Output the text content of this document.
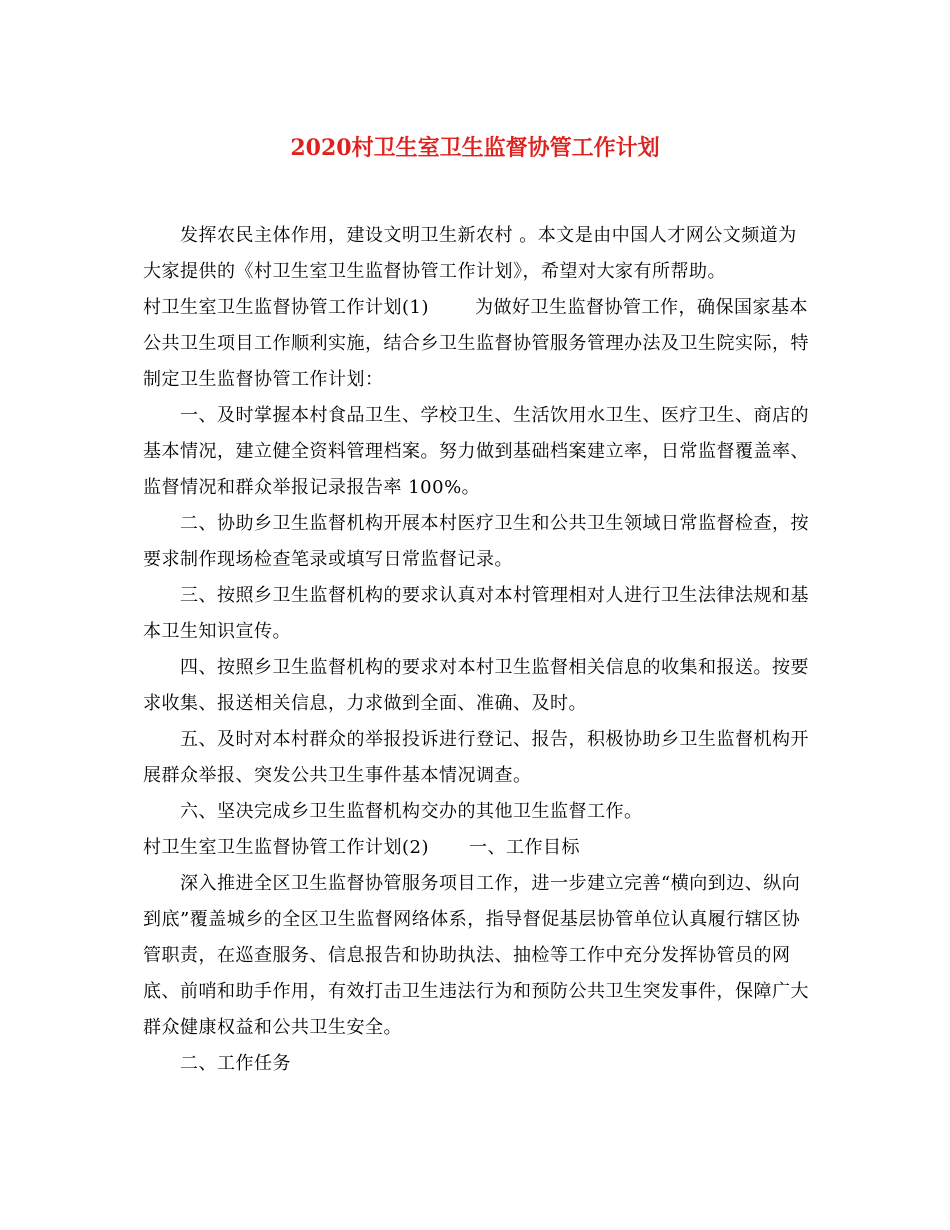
2020村卫生室卫生监督协管工作计划

发挥农民主体作用，建设文明卫生新农村 。本文是由中国人才网公文频道为大家提供的《村卫生室卫生监督协管工作计划》，希望对大家有所帮助。

村卫生室卫生监督协管工作计划(1)	为做好卫生监督协管工作，确保国家基本公共卫生项目工作顺利实施，结合乡卫生监督协管服务管理办法及卫生院实际，特制定卫生监督协管工作计划：

一、及时掌握本村食品卫生、学校卫生、生活饮用水卫生、医疗卫生、商店的基本情况，建立健全资料管理档案。努力做到基础档案建立率，日常监督覆盖率、监督情况和群众举报记录报告率 100%。

二、协助乡卫生监督机构开展本村医疗卫生和公共卫生领域日常监督检查，按要求制作现场检查笔录或填写日常监督记录。

三、按照乡卫生监督机构的要求认真对本村管理相对人进行卫生法律法规和基本卫生知识宣传。

四、按照乡卫生监督机构的要求对本村卫生监督相关信息的收集和报送。按要求收集、报送相关信息，力求做到全面、准确、及时。

五、及时对本村群众的举报投诉进行登记、报告，积极协助乡卫生监督机构开展群众举报、突发公共卫生事件基本情况调查。

六、坚决完成乡卫生监督机构交办的其他卫生监督工作。

村卫生室卫生监督协管工作计划(2) 一、工作目标

深入推进全区卫生监督协管服务项目工作，进一步建立完善“横向到边、纵向到底”覆盖城乡的全区卫生监督网络体系，指导督促基层协管单位认真履行辖区协管职责，在巡查服务、信息报告和协助执法、抽检等工作中充分发挥协管员的网底、前哨和助手作用，有效打击卫生违法行为和预防公共卫生突发事件，保障广大群众健康权益和公共卫生安全。

二、工作任务
